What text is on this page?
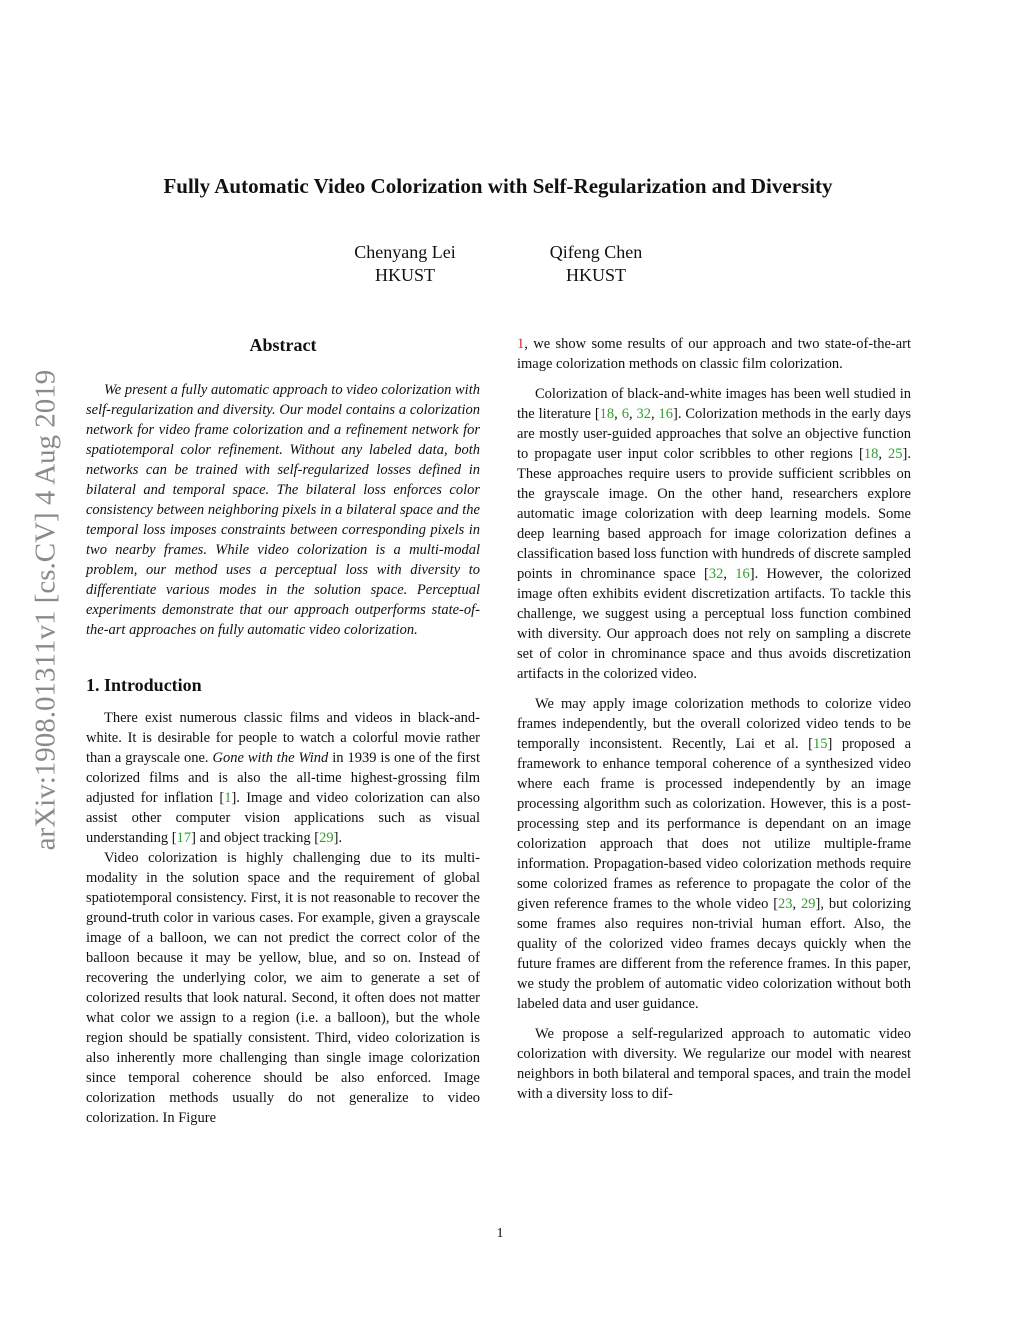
arXiv:1908.01311v1 [cs.CV] 4 Aug 2019
Fully Automatic Video Colorization with Self-Regularization and Diversity
Chenyang Lei
HKUST
Qifeng Chen
HKUST
Abstract

We present a fully automatic approach to video colorization with self-regularization and diversity. Our model contains a colorization network for video frame colorization and a refinement network for spatiotemporal color refinement. Without any labeled data, both networks can be trained with self-regularized losses defined in bilateral and temporal space. The bilateral loss enforces color consistency between neighboring pixels in a bilateral space and the temporal loss imposes constraints between corresponding pixels in two nearby frames. While video colorization is a multi-modal problem, our method uses a perceptual loss with diversity to differentiate various modes in the solution space. Perceptual experiments demonstrate that our approach outperforms state-of-the-art approaches on fully automatic video colorization.

1. Introduction

There exist numerous classic films and videos in black-and-white. It is desirable for people to watch a colorful movie rather than a grayscale one. Gone with the Wind in 1939 is one of the first colorized films and is also the all-time highest-grossing film adjusted for inflation [1]. Image and video colorization can also assist other computer vision applications such as visual understanding [17] and object tracking [29].

Video colorization is highly challenging due to its multi-modality in the solution space and the requirement of global spatiotemporal consistency. First, it is not reasonable to recover the ground-truth color in various cases. For example, given a grayscale image of a balloon, we can not predict the correct color of the balloon because it may be yellow, blue, and so on. Instead of recovering the underlying color, we aim to generate a set of colorized results that look natural. Second, it often does not matter what color we assign to a region (i.e. a balloon), but the whole region should be spatially consistent. Third, video colorization is also inherently more challenging than single image colorization since temporal coherence should be also enforced. Image colorization methods usually do not generalize to video colorization. In Figure

1, we show some results of our approach and two state-of-the-art image colorization methods on classic film colorization.

Colorization of black-and-white images has been well studied in the literature [18, 6, 32, 16]. Colorization methods in the early days are mostly user-guided approaches that solve an objective function to propagate user input color scribbles to other regions [18, 25]. These approaches require users to provide sufficient scribbles on the grayscale image. On the other hand, researchers explore automatic image colorization with deep learning models. Some deep learning based approach for image colorization defines a classification based loss function with hundreds of discrete sampled points in chrominance space [32, 16]. However, the colorized image often exhibits evident discretization artifacts. To tackle this challenge, we suggest using a perceptual loss function combined with diversity. Our approach does not rely on sampling a discrete set of color in chrominance space and thus avoids discretization artifacts in the colorized video.

We may apply image colorization methods to colorize video frames independently, but the overall colorized video tends to be temporally inconsistent. Recently, Lai et al. [15] proposed a framework to enhance temporal coherence of a synthesized video where each frame is processed independently by an image processing algorithm such as colorization. However, this is a post-processing step and its performance is dependant on an image colorization approach that does not utilize multiple-frame information. Propagation-based video colorization methods require some colorized frames as reference to propagate the color of the given reference frames to the whole video [23, 29], but colorizing some frames also requires non-trivial human effort. Also, the quality of the colorized video frames decays quickly when the future frames are different from the reference frames. In this paper, we study the problem of automatic video colorization without both labeled data and user guidance.

We propose a self-regularized approach to automatic video colorization with diversity. We regularize our model with nearest neighbors in both bilateral and temporal spaces, and train the model with a diversity loss to dif-

1
